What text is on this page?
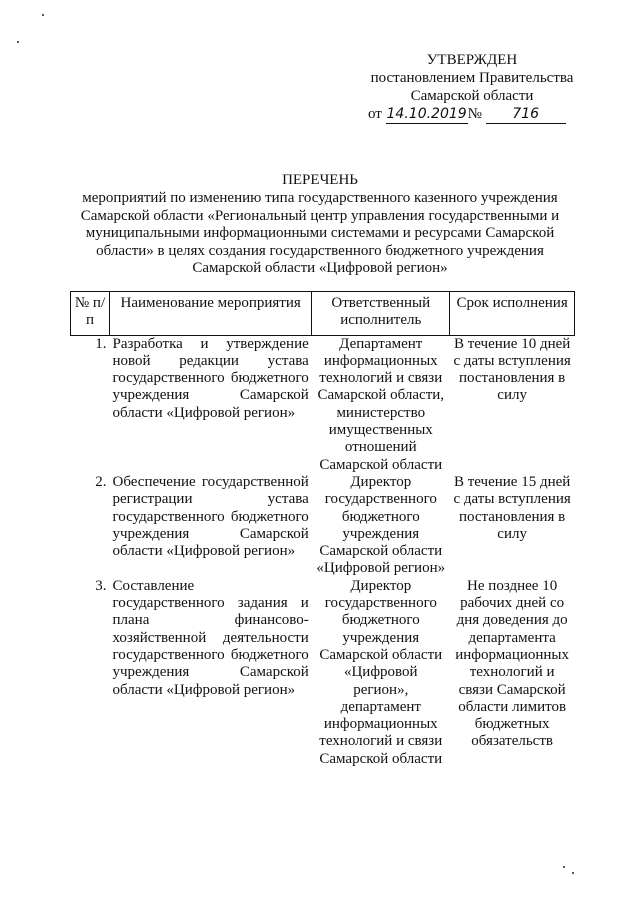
УТВЕРЖДЕН
постановлением Правительства
Самарской области
от 14.10.2019№ 716
ПЕРЕЧЕНЬ
мероприятий по изменению типа государственного казенного учреждения
Самарской области «Региональный центр управления государственными и
муниципальными информационными системами и ресурсами Самарской
области» в целях создания государственного бюджетного учреждения
Самарской области «Цифровой регион»
№ п/п	Наименование мероприятия	Ответственный исполнитель	Срок исполнения
1.	Разработка и утверждение новой редакции устава государственного бюджетного учреждения Самарской области «Цифровой регион»	Департамент информационных технологий и связи Самарской области, министерство имущественных отношений Самарской области	В течение 10 дней с даты вступления постановления в силу
2.	Обеспечение государственной регистрации устава государственного бюджетного учреждения Самарской области «Цифровой регион»	Директор государственного бюджетного учреждения Самарской области «Цифровой регион»	В течение 15 дней с даты вступления постановления в силу
3.	Составление государственного задания и плана финансово-хозяйственной деятельности государственного бюджетного учреждения Самарской области «Цифровой регион»	Директор государственного бюджетного учреждения Самарской области «Цифровой регион», департамент информационных технологий и связи Самарской области	Не позднее 10 рабочих дней со дня доведения до департамента информационных технологий и связи Самарской области лимитов бюджетных обязательств
